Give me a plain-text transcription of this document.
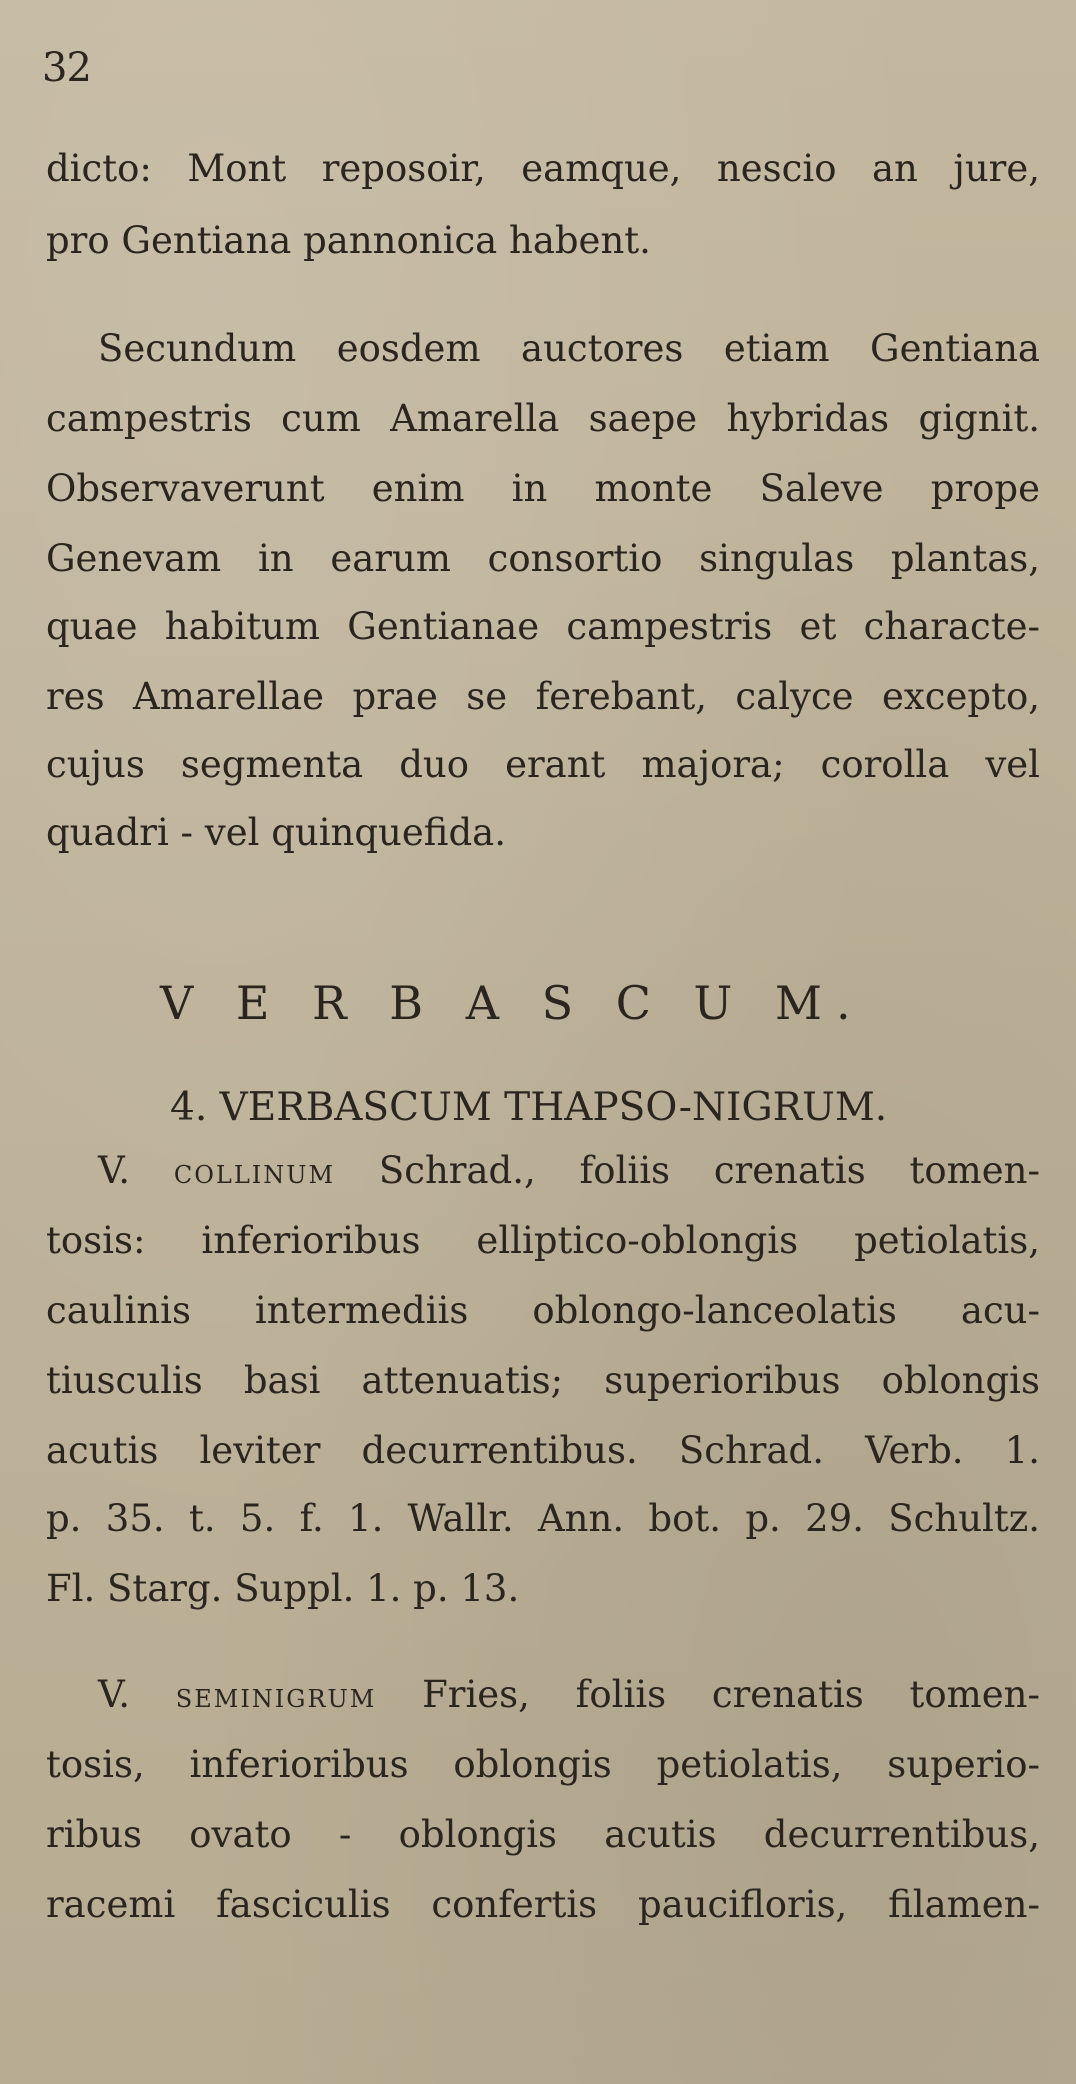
32
dicto: Mont reposoir, eamque, nescio an jure,
pro Gentiana pannonica habent.
Secundum eosdem auctores etiam Gentiana
campestris cum Amarella saepe hybridas gignit.
Observaverunt enim in monte Saleve prope
Genevam in earum consortio singulas plantas,
quae habitum Gentianae campestris et characte-
res Amarellae prae se ferebant, calyce excepto,
cujus segmenta duo erant majora; corolla vel
quadri - vel quinquefida.
V E R B A S C U M.
4. VERBASCUM THAPSO-NIGRUM.
V. collinum Schrad., foliis crenatis tomen-
tosis: inferioribus elliptico-oblongis petiolatis,
caulinis intermediis oblongo-lanceolatis acu-
tiusculis basi attenuatis; superioribus oblongis
acutis leviter decurrentibus. Schrad. Verb. 1.
p. 35. t. 5. f. 1. Wallr. Ann. bot. p. 29. Schultz.
Fl. Starg. Suppl. 1. p. 13.
V. seminigrum Fries, foliis crenatis tomen-
tosis, inferioribus oblongis petiolatis, superio-
ribus ovato - oblongis acutis decurrentibus,
racemi fasciculis confertis paucifloris, filamen-
